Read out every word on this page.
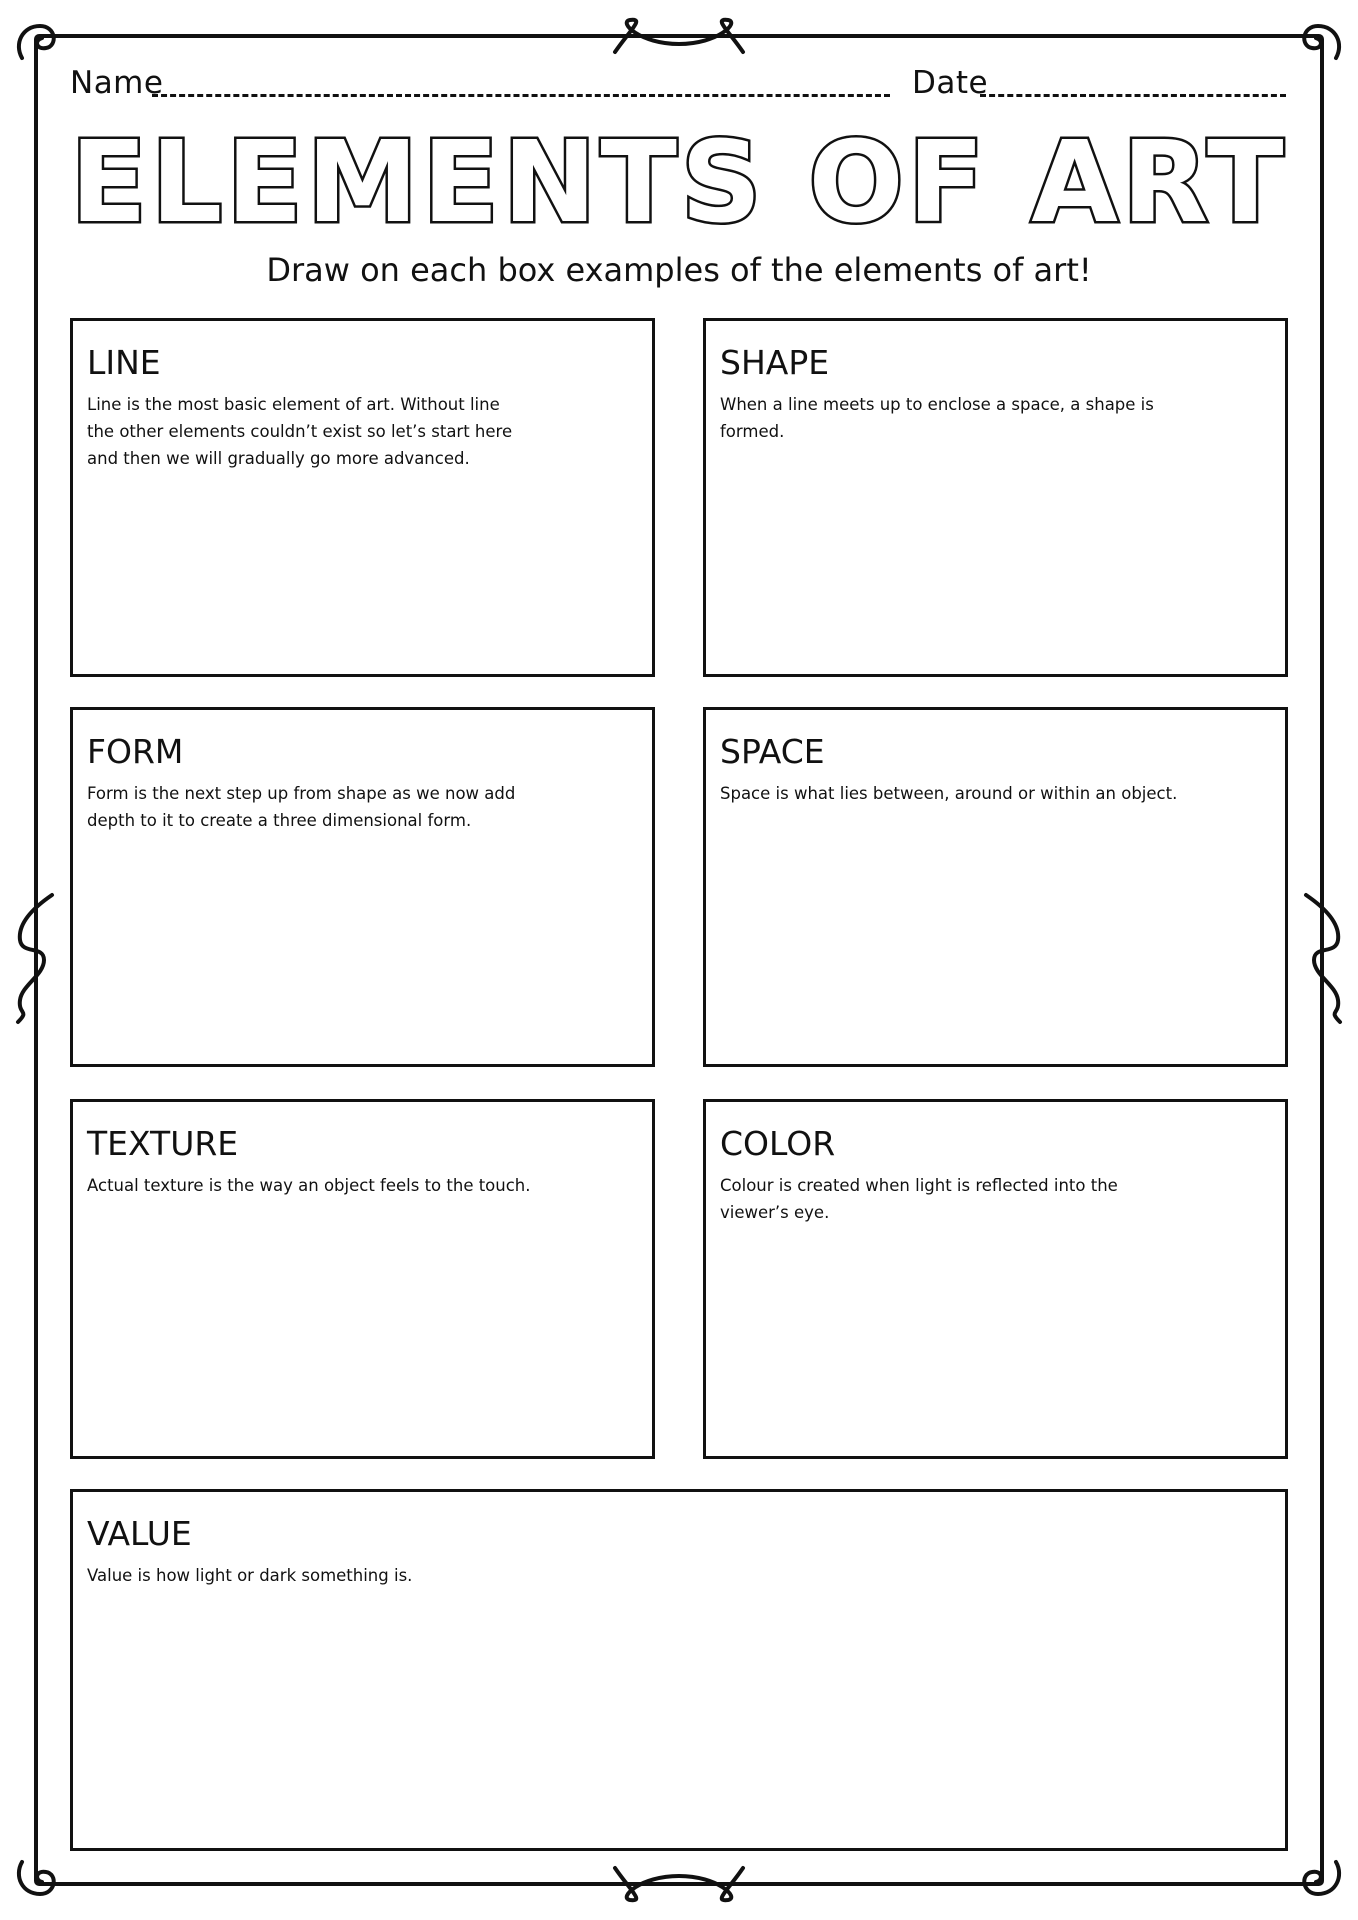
Name	Date
ELEMENTS OF ART
Draw on each box examples of the elements of art!
LINE
Line is the most basic element of art. Without line the other elements couldn’t exist so let’s start here and then we will gradually go more advanced.
SHAPE
When a line meets up to enclose a space, a shape is formed.
FORM
Form is the next step up from shape as we now add depth to it to create a three dimensional form.
SPACE
Space is what lies between, around or within an object.
TEXTURE
Actual texture is the way an object feels to the touch.
COLOR
Colour is created when light is reflected into the viewer’s eye.
VALUE
Value is how light or dark something is.
